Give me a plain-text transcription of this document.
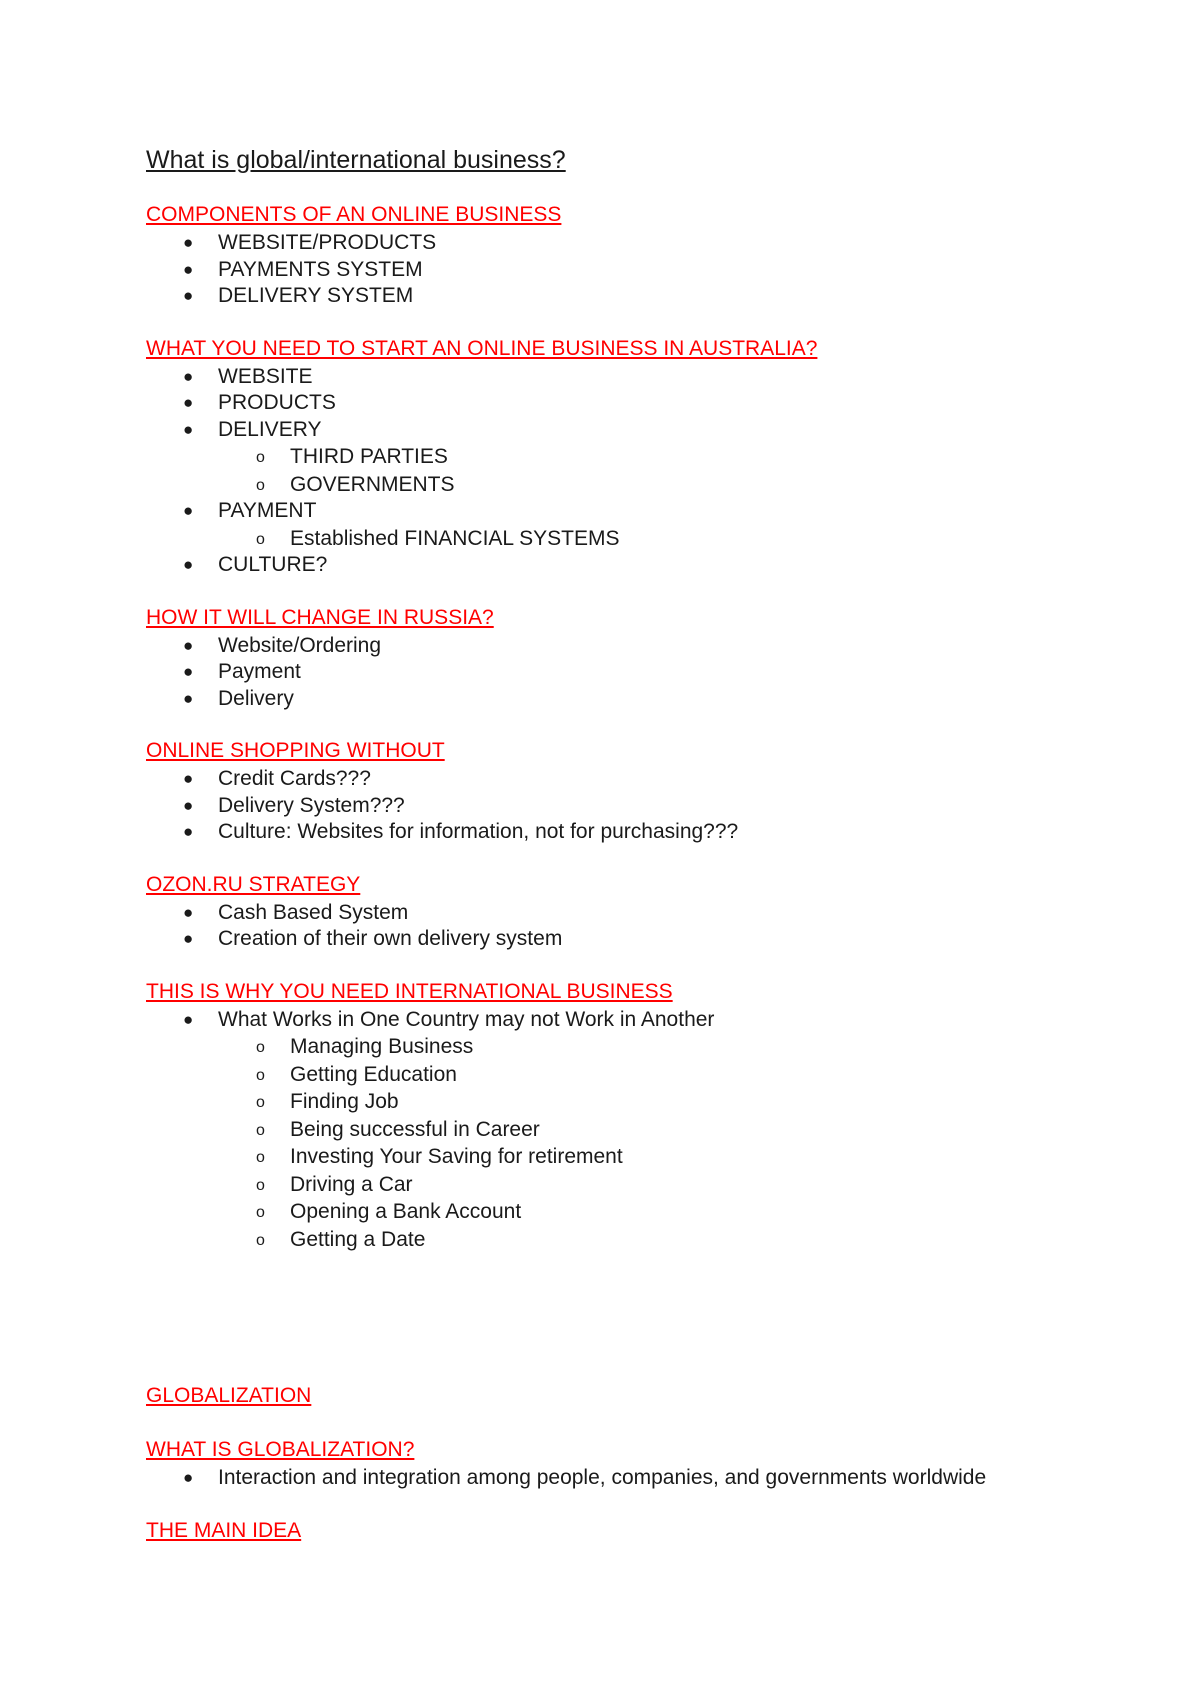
What is global/international business?
COMPONENTS OF AN ONLINE BUSINESS
● WEBSITE/PRODUCTS
● PAYMENTS SYSTEM
● DELIVERY SYSTEM
WHAT YOU NEED TO START AN ONLINE BUSINESS IN AUSTRALIA?
● WEBSITE
● PRODUCTS
● DELIVERY
o THIRD PARTIES
o GOVERNMENTS
● PAYMENT
o Established FINANCIAL SYSTEMS
● CULTURE?
HOW IT WILL CHANGE IN RUSSIA?
● Website/Ordering
● Payment
● Delivery
ONLINE SHOPPING WITHOUT
● Credit Cards???
● Delivery System???
● Culture: Websites for information, not for purchasing???
OZON.RU STRATEGY
● Cash Based System
● Creation of their own delivery system
THIS IS WHY YOU NEED INTERNATIONAL BUSINESS
● What Works in One Country may not Work in Another
o Managing Business
o Getting Education
o Finding Job
o Being successful in Career
o Investing Your Saving for retirement
o Driving a Car
o Opening a Bank Account
o Getting a Date
GLOBALIZATION
WHAT IS GLOBALIZATION?
● Interaction and integration among people, companies, and governments worldwide
THE MAIN IDEA
